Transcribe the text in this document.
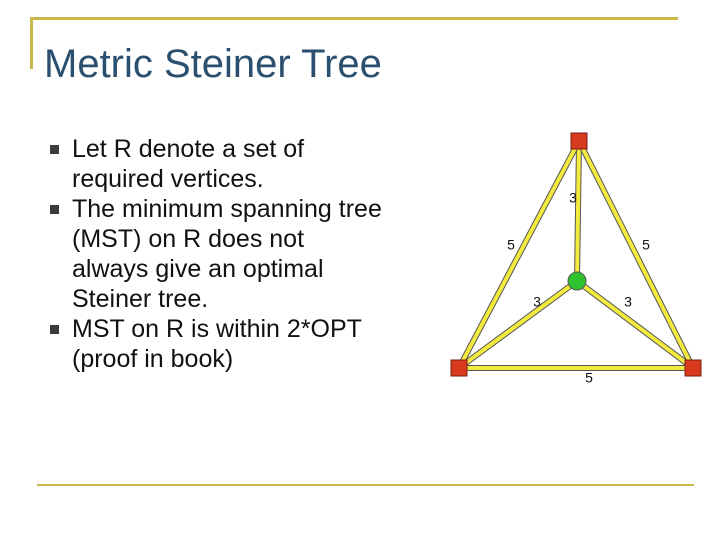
Metric Steiner Tree
Let R denote a set of required vertices.
The minimum spanning tree (MST) on R does not always give an optimal Steiner tree.
MST on R is within 2*OPT (proof in book)
3
3	3
5	5
5
